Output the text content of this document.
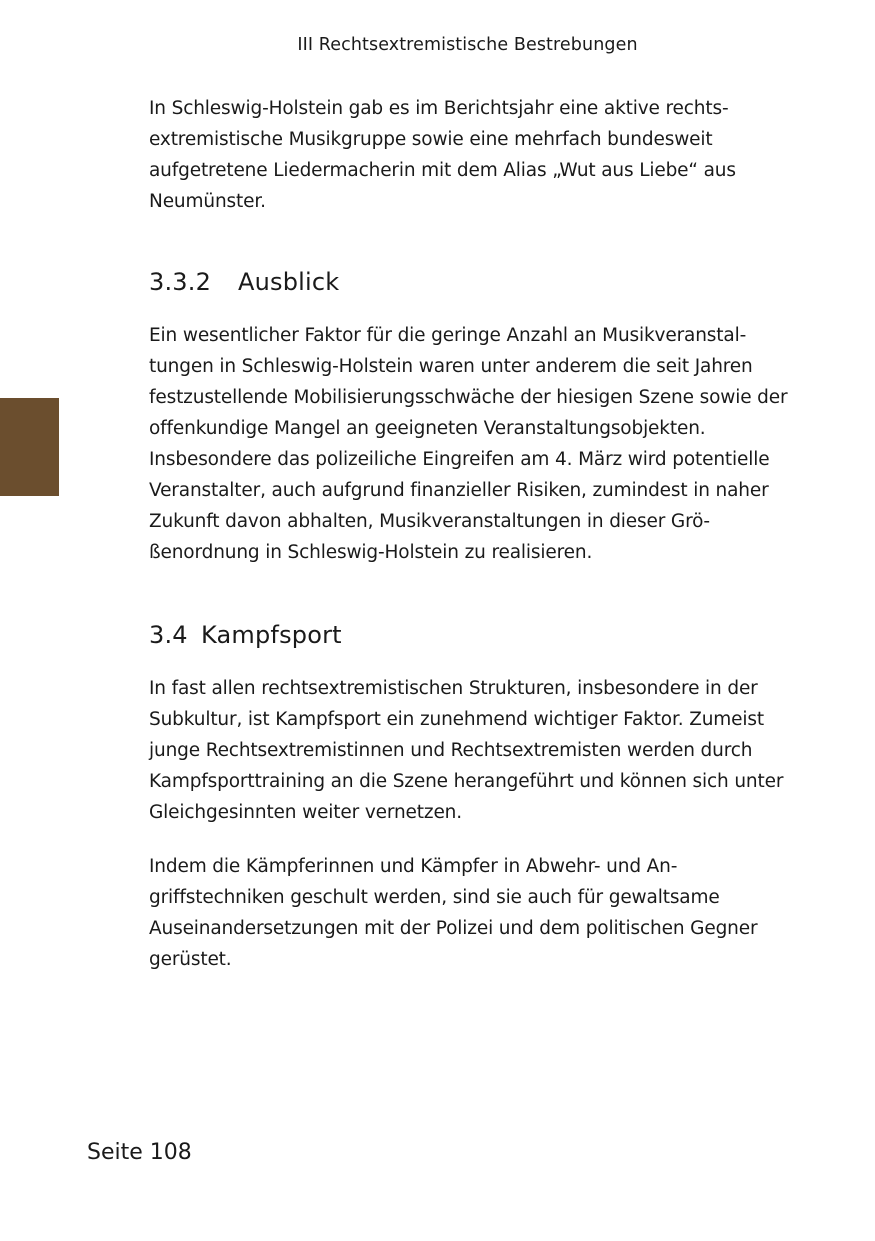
III Rechtsextremistische Bestrebungen

In Schleswig-Holstein gab es im Berichtsjahr eine aktive rechtsextremistische Musikgruppe sowie eine mehrfach bundesweit aufgetretene Liedermacherin mit dem Alias „Wut aus Liebe“ aus Neumünster.

3.3.2 Ausblick

Ein wesentlicher Faktor für die geringe Anzahl an Musikveranstaltungen in Schleswig-Holstein waren unter anderem die seit Jahren festzustellende Mobilisierungsschwäche der hiesigen Szene sowie der offenkundige Mangel an geeigneten Veranstaltungsobjekten. Insbesondere das polizeiliche Eingreifen am 4. März wird potentielle Veranstalter, auch aufgrund finanzieller Risiken, zumindest in naher Zukunft davon abhalten, Musikveranstaltungen in dieser Größenordnung in Schleswig-Holstein zu realisieren.

3.4 Kampfsport

In fast allen rechtsextremistischen Strukturen, insbesondere in der Subkultur, ist Kampfsport ein zunehmend wichtiger Faktor. Zumeist junge Rechtsextremistinnen und Rechtsextremisten werden durch Kampfsporttraining an die Szene herangeführt und können sich unter Gleichgesinnten weiter vernetzen.

Indem die Kämpferinnen und Kämpfer in Abwehr- und Angriffstechniken geschult werden, sind sie auch für gewaltsame Auseinandersetzungen mit der Polizei und dem politischen Gegner gerüstet.

Seite 108
